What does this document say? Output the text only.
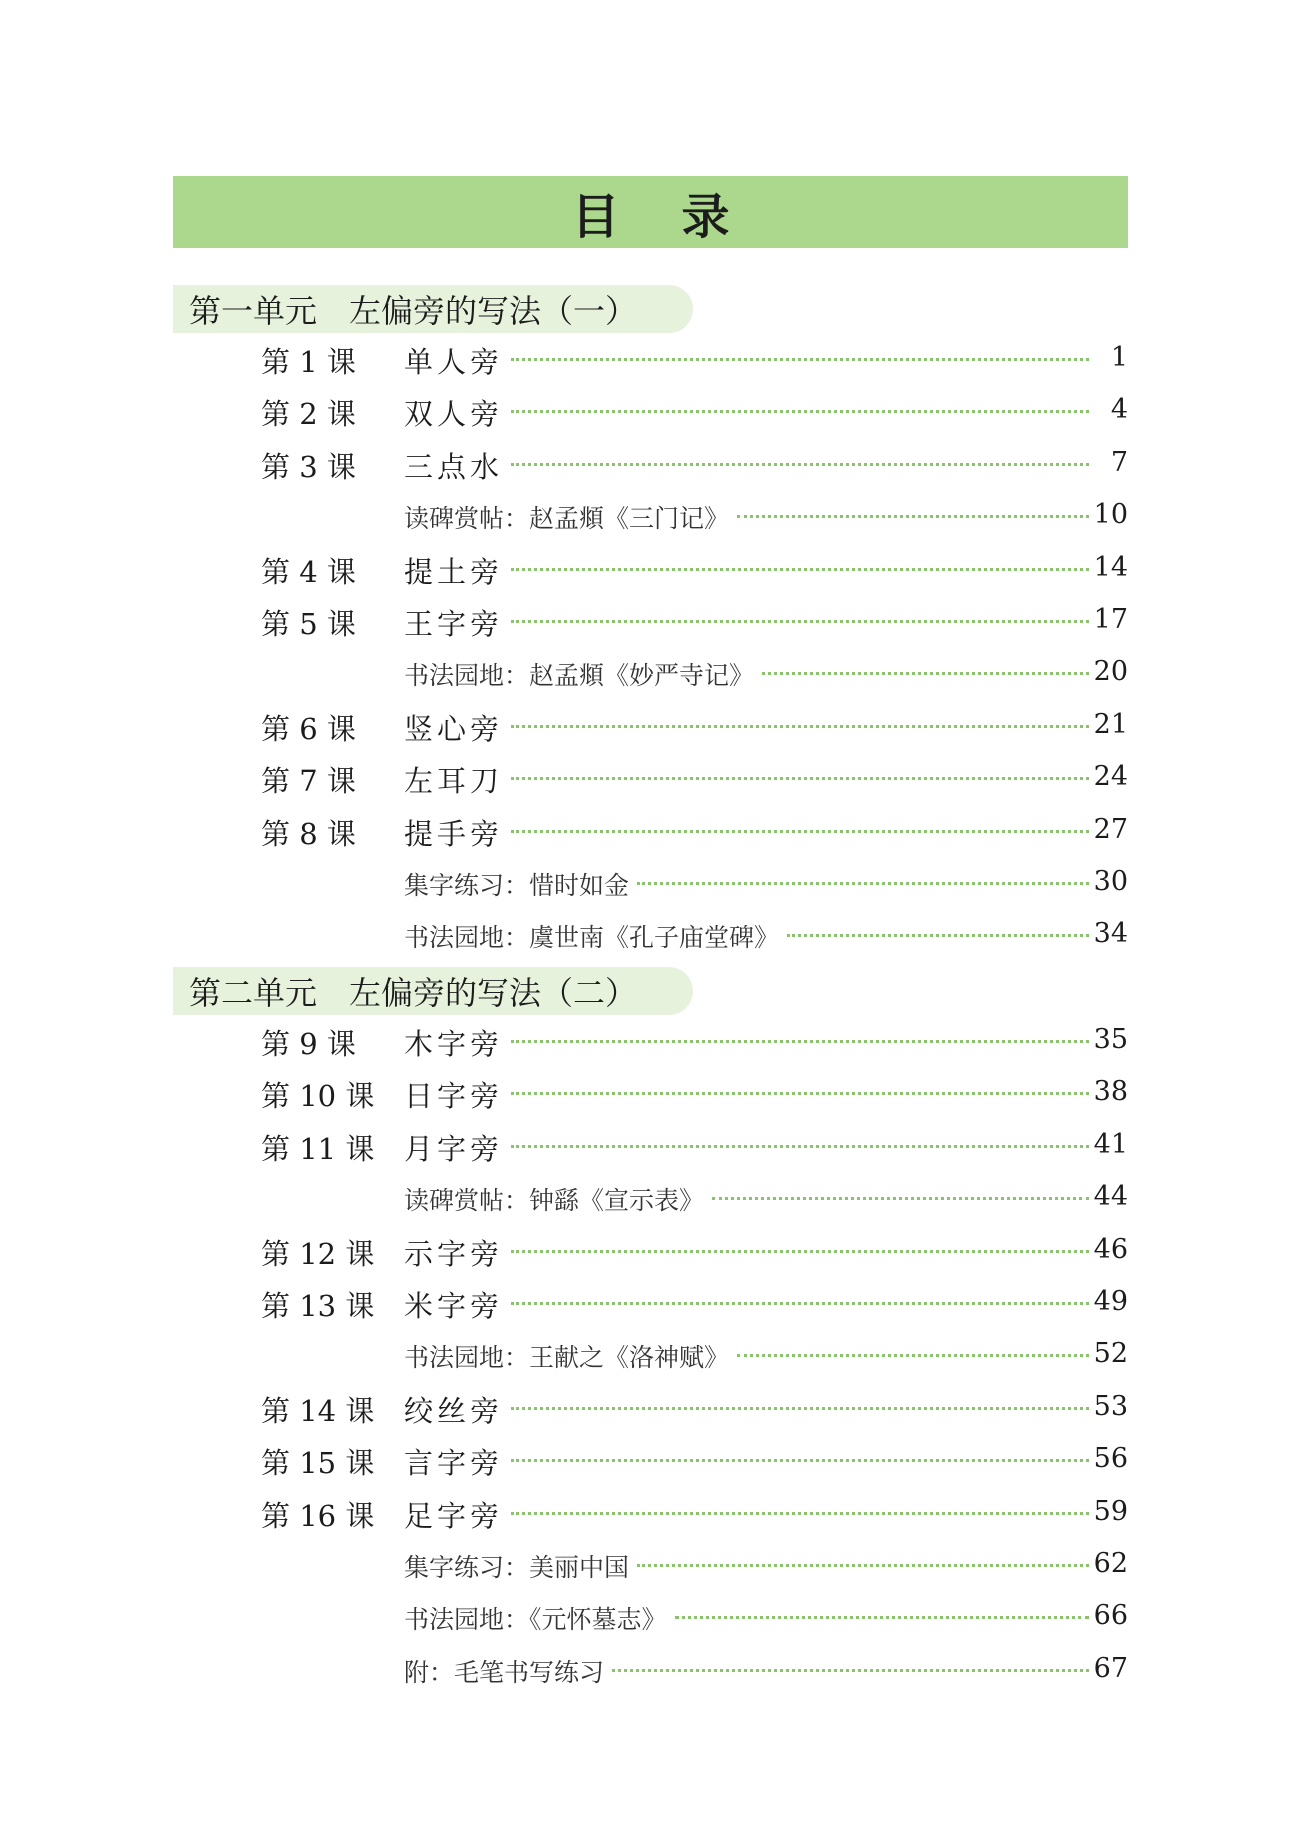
目录
第一单元　左偏旁的写法（一）
第 1 课 单人旁	1
第 2 课 双人旁	4
第 3 课 三点水	7
读碑赏帖：赵孟頫《三门记》	10
第 4 课 提土旁	14
第 5 课 王字旁	17
书法园地：赵孟頫《妙严寺记》	20
第 6 课 竖心旁	21
第 7 课 左耳刀	24
第 8 课 提手旁	27
集字练习：惜时如金	30
书法园地：虞世南《孔子庙堂碑》	34
第二单元　左偏旁的写法（二）
第 9 课 木字旁	35
第 10 课 日字旁	38
第 11 课 月字旁	41
读碑赏帖：钟繇《宣示表》	44
第 12 课 示字旁	46
第 13 课 米字旁	49
书法园地：王献之《洛神赋》	52
第 14 课 绞丝旁	53
第 15 课 言字旁	56
第 16 课 足字旁	59
集字练习：美丽中国	62
书法园地：《元怀墓志》	66
附：毛笔书写练习	67
